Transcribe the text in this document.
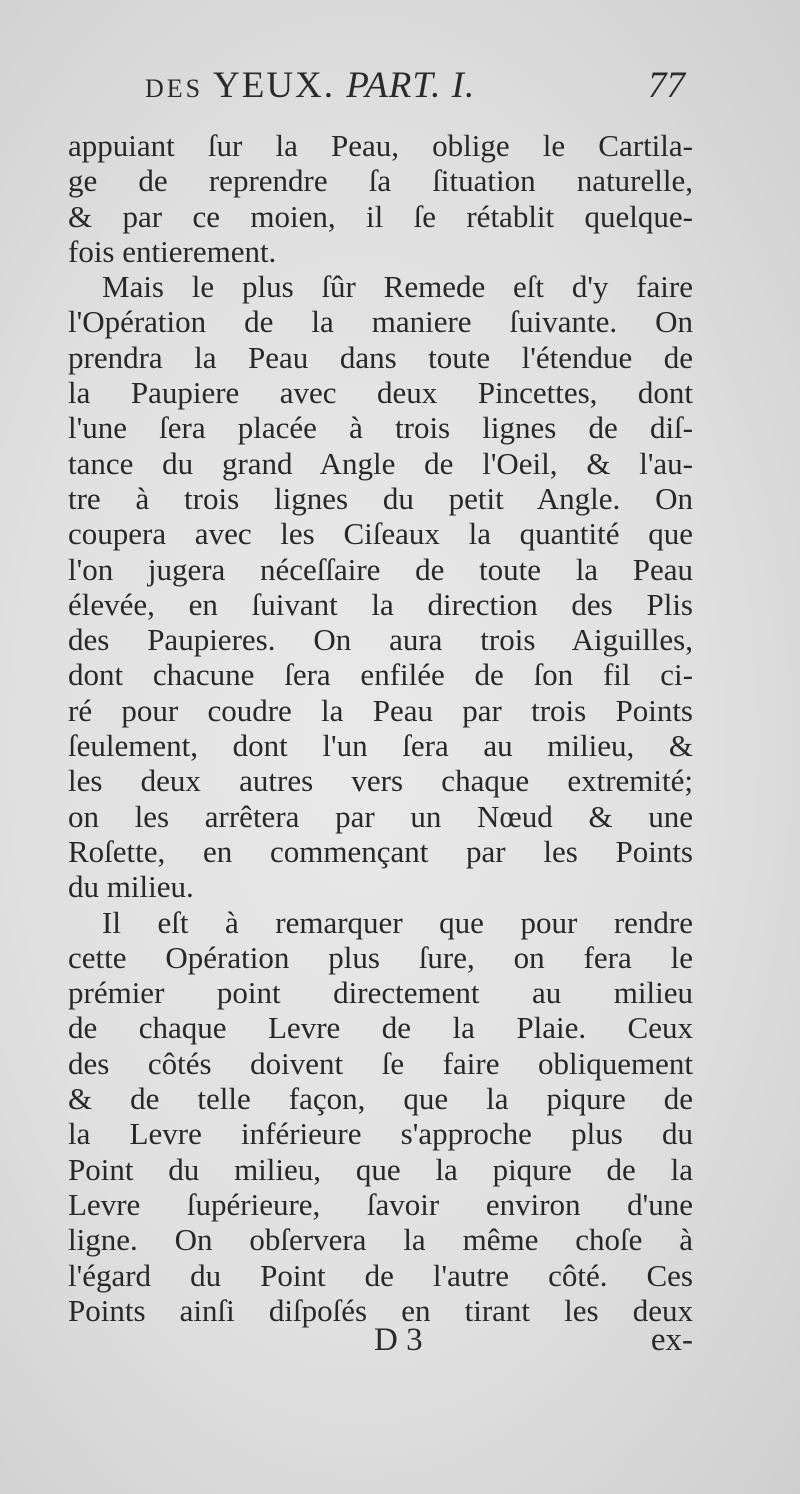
DES YEUX. PART. I.	77
appuiant ſur la Peau, oblige le Cartila-
ge de reprendre ſa ſituation naturelle,
& par ce moien, il ſe rétablit quelque-
fois entierement.
Mais le plus ſûr Remede eſt d'y faire
l'Opération de la maniere ſuivante. On
prendra la Peau dans toute l'étendue de
la Paupiere avec deux Pincettes, dont
l'une ſera placée à trois lignes de diſ-
tance du grand Angle de l'Oeil, & l'au-
tre à trois lignes du petit Angle. On
coupera avec les Ciſeaux la quantité que
l'on jugera néceſſaire de toute la Peau
élevée, en ſuivant la direction des Plis
des Paupieres. On aura trois Aiguilles,
dont chacune ſera enfilée de ſon fil ci-
ré pour coudre la Peau par trois Points
ſeulement, dont l'un ſera au milieu, &
les deux autres vers chaque extremité;
on les arrêtera par un Nœud & une
Roſette, en commençant par les Points
du milieu.
Il eſt à remarquer que pour rendre
cette Opération plus ſure, on fera le
prémier point directement au milieu
de chaque Levre de la Plaie. Ceux
des côtés doivent ſe faire obliquement
& de telle façon, que la piqure de
la Levre inférieure s'approche plus du
Point du milieu, que la piqure de la
Levre ſupérieure, ſavoir environ d'une
ligne. On obſervera la même choſe à
l'égard du Point de l'autre côté. Ces
Points ainſi diſpoſés en tirant les deux
D 3	ex-
